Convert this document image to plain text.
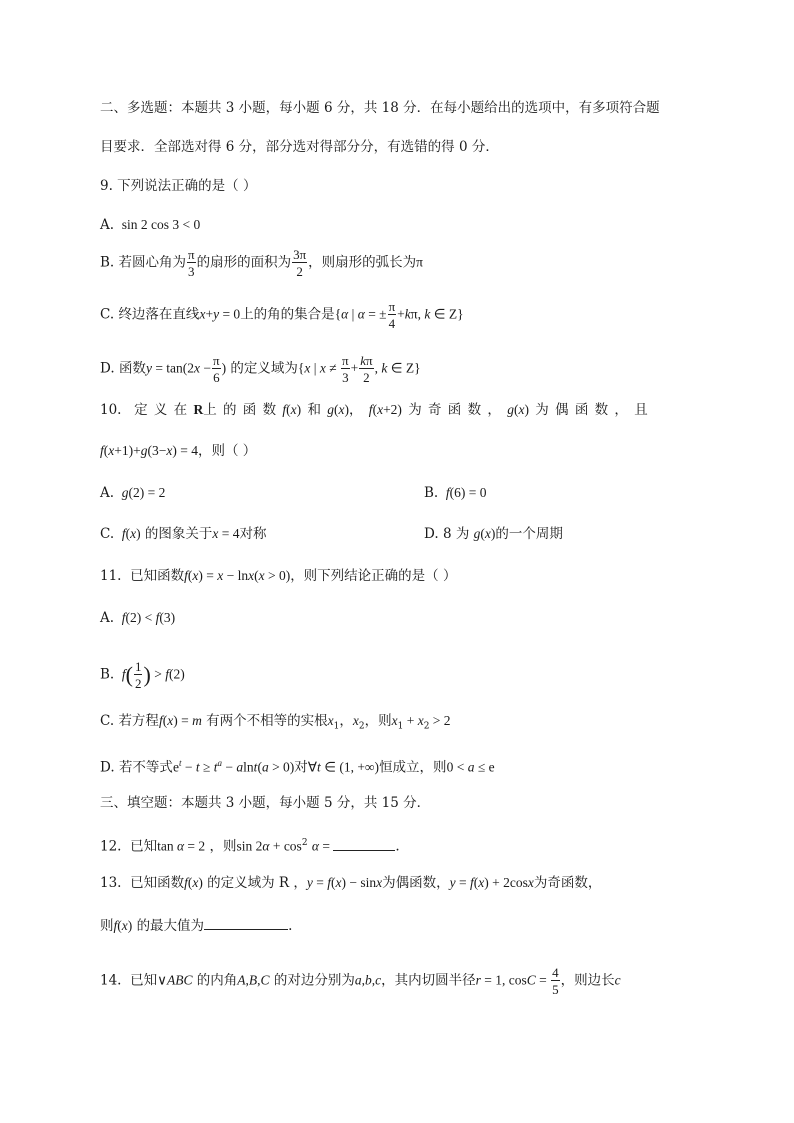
二、多选题：本题共 3 小题，每小题 6 分，共 18 分．在每小题给出的选项中，有多项符合题
目要求．全部选对得 6 分，部分选对得部分分，有选错的得 0 分．
9. 下列说法正确的是（ ）
A.  sin 2 cos 3 < 0
B. 若圆心角为 $\frac{\pi}{3}$ 的扇形的面积为 $\frac{3\pi}{2}$ ，则扇形的弧长为π
C. 终边落在直线x+y = 0上的角的集合是{α | α = ± $\frac{\pi}{4} +k\pi$, k ∈ Z}
D. 函数$y = \tan(2x - \frac{\pi}{6}$ ) 的定义域为{x | $x \ne \frac{\pi}{3} + \frac{k\pi}{2}$ , k ∈ Z}
10. 定 义 在 R上 的 函 数 f(x) 和 g(x)， f(x+2) 为 奇 函 数 ， g(x) 为 偶 函 数 ， 且
f(x+1)+g(3−x) = 4，则（ ）
A.  g(2) = 2	B.  f(6) = 0
C.  f(x) 的图象关于x = 4对称	D. 8 为 g(x)的一个周期
11. 已知函数f(x) = x − lnx(x > 0)，则下列结论正确的是（ ）
A.  f(2) < f(3)
B.  $f( \frac{1}{2}$ ) > f(2)
C. 若方程f(x) = m 有两个不相等的实根$x_1$，$x_2$，则$x_1 + x_2 > 2$
D. 若不等式$e^t - t \ge t^a - alnt(a > 0)$对∀t ∈ (1, +∞)恒成立，则0 < a ≤ e
三、填空题：本题共 3 小题，每小题 5 分，共 15 分．
12. 已知tan α = 2 ，则$\sin 2\alpha + \cos^2 \alpha$ =	.
13. 已知函数f(x) 的定义域为 R ，y = f(x) − sinx为偶函数，y = f(x) + 2cosx为奇函数，
则f(x) 的最大值为	.
14. 已知∨ABC 的内角A,B,C 的对边分别为a,b,c，其内切圆半径r = 1, $\cos C = \frac{4}{5}$ ，则边长c
